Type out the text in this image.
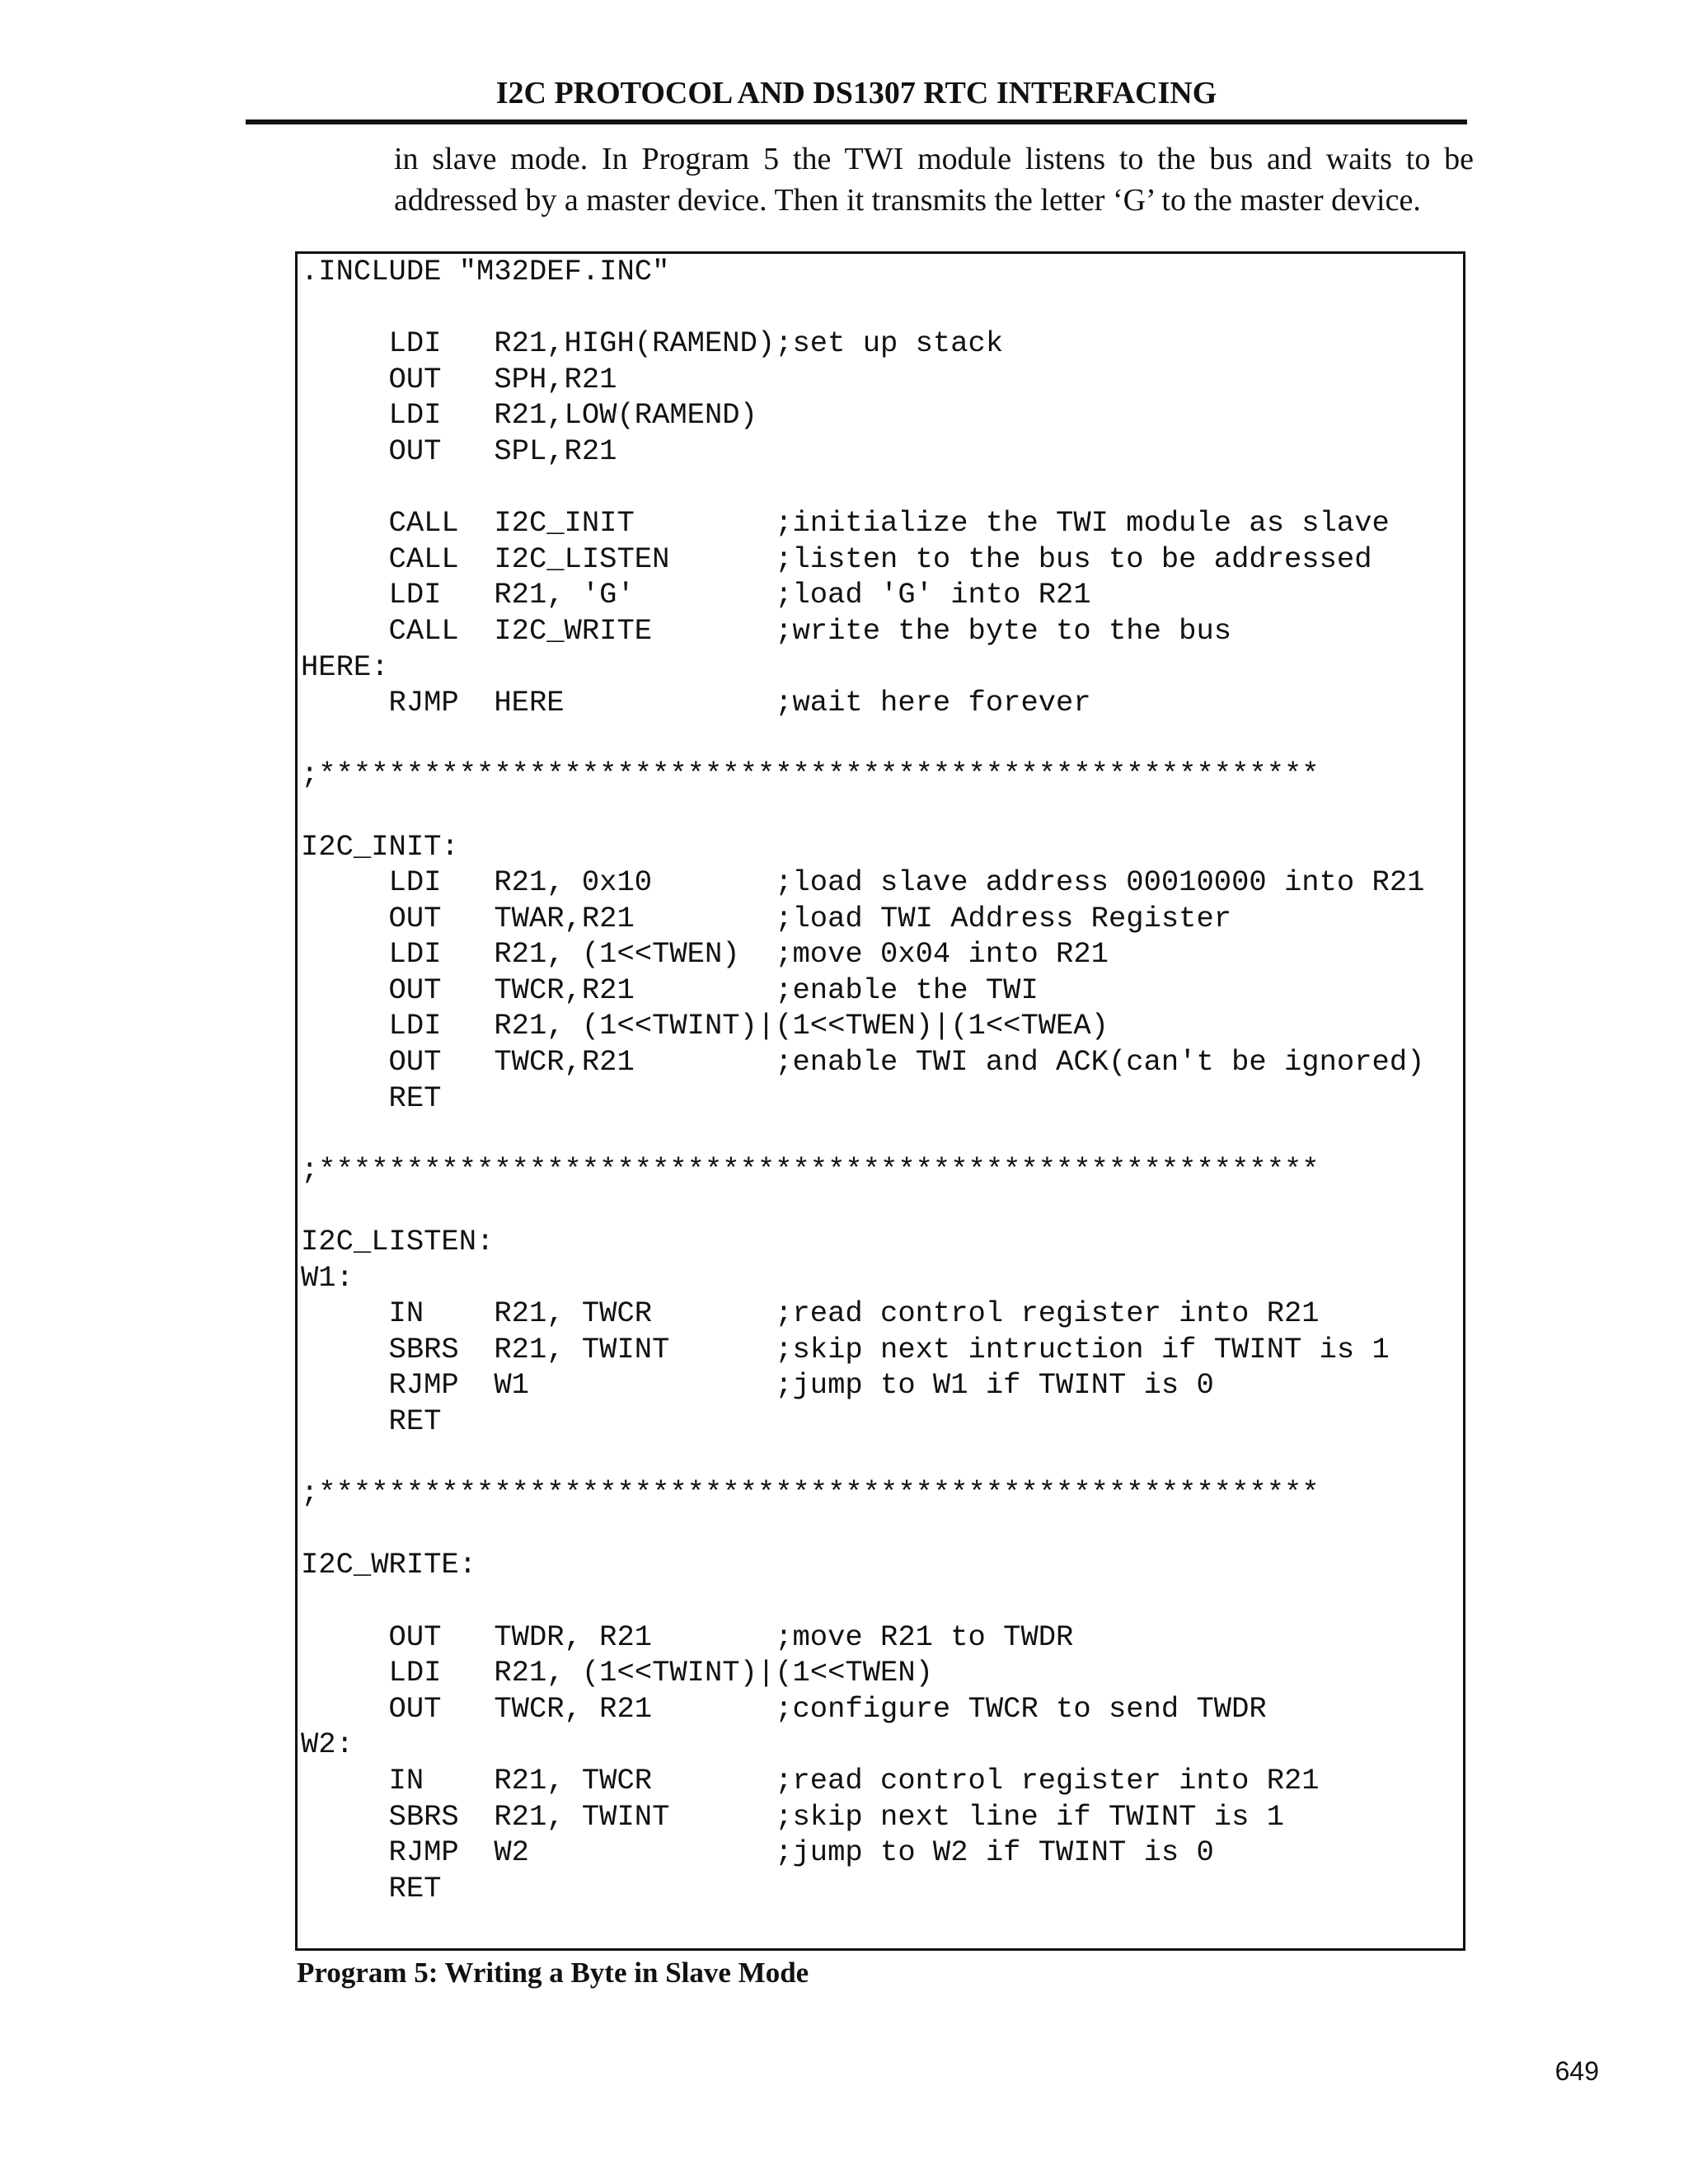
I2C PROTOCOL AND DS1307 RTC INTERFACING

in slave mode. In Program 5 the TWI module listens to the bus and waits to be addressed by a master device. Then it transmits the letter ‘G’ to the master device.

.INCLUDE "M32DEF.INC"
LDI   R21,HIGH(RAMEND);set up stack
OUT   SPH,R21
LDI   R21,LOW(RAMEND)
OUT   SPL,R21
CALL  I2C_INIT        ;initialize the TWI module as slave
CALL  I2C_LISTEN      ;listen to the bus to be addressed
LDI   R21, 'G'        ;load 'G' into R21
CALL  I2C_WRITE       ;write the byte to the bus
HERE:
RJMP  HERE            ;wait here forever
;*********************************************************
I2C_INIT:
LDI   R21, 0x10       ;load slave address 00010000 into R21
OUT   TWAR,R21        ;load TWI Address Register
LDI   R21, (1<<TWEN)  ;move 0x04 into R21
OUT   TWCR,R21        ;enable the TWI
LDI   R21, (1<<TWINT)|(1<<TWEN)|(1<<TWEA)
OUT   TWCR,R21        ;enable TWI and ACK(can't be ignored)
RET
;*********************************************************
I2C_LISTEN:
W1:
IN    R21, TWCR       ;read control register into R21
SBRS  R21, TWINT      ;skip next intruction if TWINT is 1
RJMP  W1              ;jump to W1 if TWINT is 0
RET
;*********************************************************
I2C_WRITE:
OUT   TWDR, R21       ;move R21 to TWDR
LDI   R21, (1<<TWINT)|(1<<TWEN)
OUT   TWCR, R21       ;configure TWCR to send TWDR
W2:
IN    R21, TWCR       ;read control register into R21
SBRS  R21, TWINT      ;skip next line if TWINT is 1
RJMP  W2              ;jump to W2 if TWINT is 0
RET
Program 5: Writing a Byte in Slave Mode
649
